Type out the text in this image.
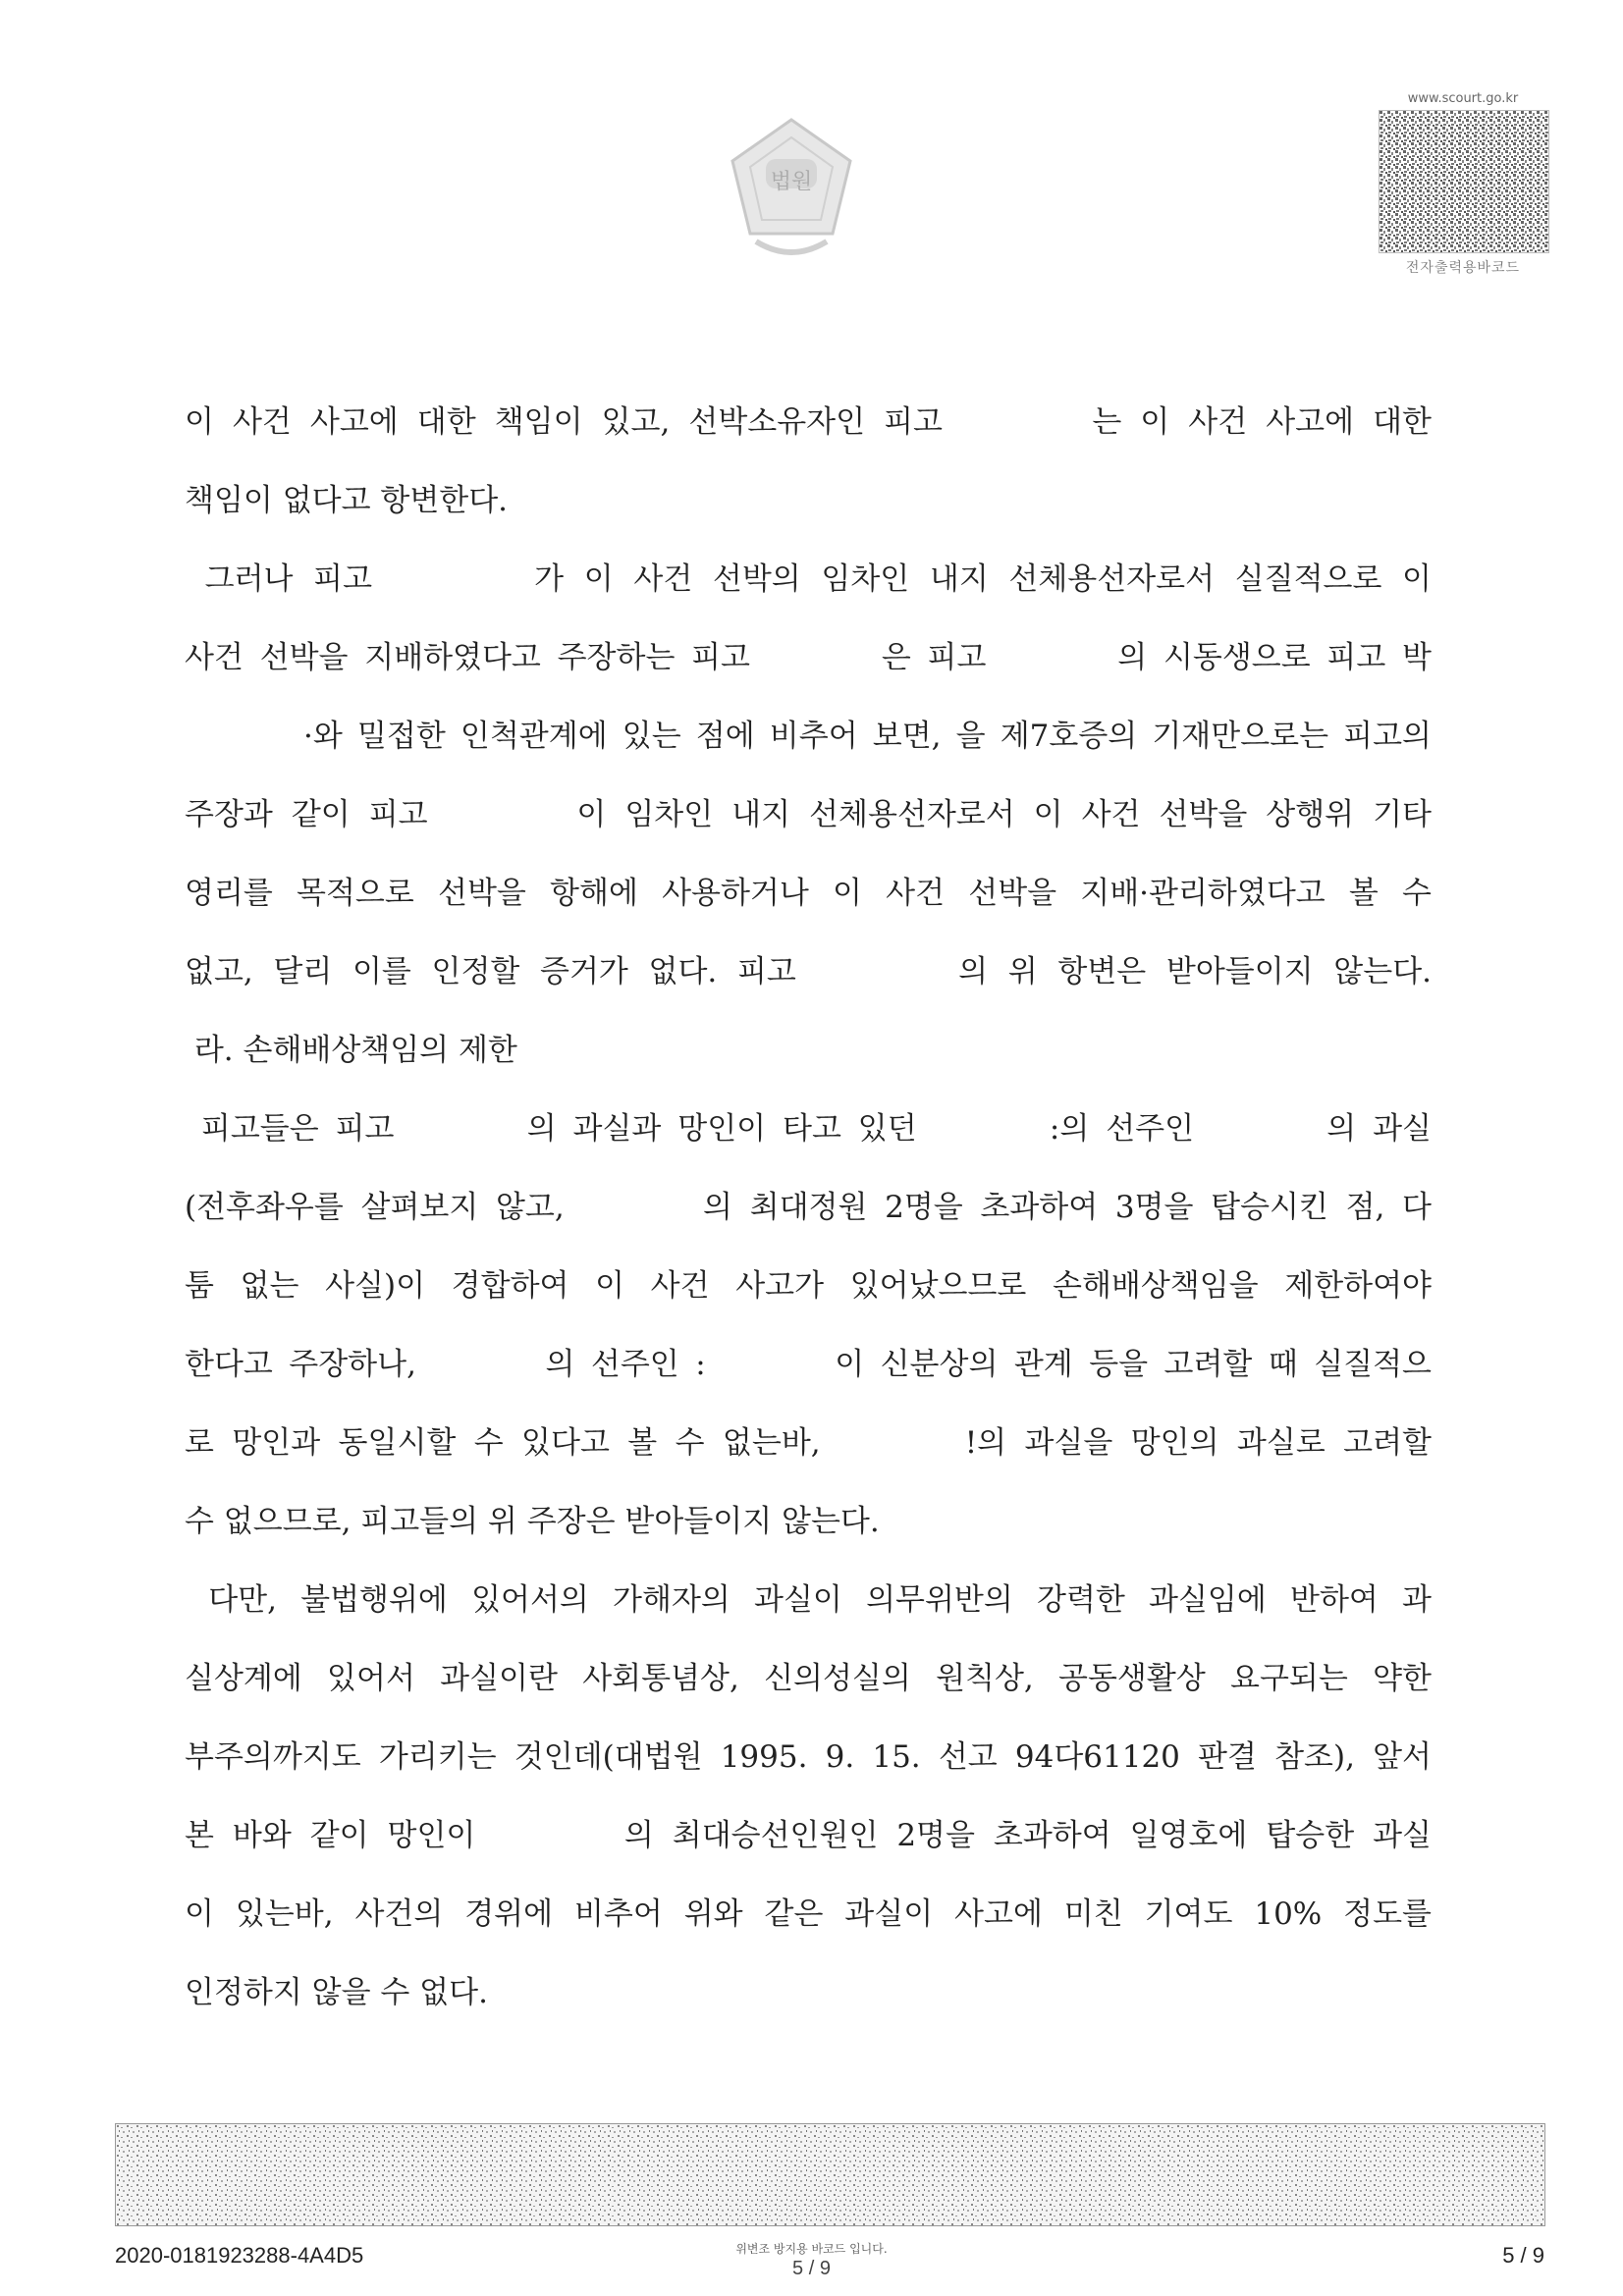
법원
www.scourt.go.kr
전자출력용바코드
이 사건 사고에 대한 책임이 있고, 선박소유자인 피고        는 이 사건 사고에 대한
책임이 없다고 항변한다.
그러나 피고        가 이 사건 선박의 임차인 내지 선체용선자로서 실질적으로 이
사건 선박을 지배하였다고 주장하는 피고        은 피고        의 시동생으로 피고 박
·와 밀접한 인척관계에 있는 점에 비추어 보면, 을 제7호증의 기재만으로는 피고의
주장과 같이 피고        이 임차인 내지 선체용선자로서 이 사건 선박을 상행위 기타
영리를 목적으로 선박을 항해에 사용하거나 이 사건 선박을 지배·관리하였다고 볼 수
없고, 달리 이를 인정할 증거가 없다. 피고        의 위 항변은 받아들이지 않는다.
라. 손해배상책임의 제한
피고들은 피고        의 과실과 망인이 타고 있던        :의 선주인        의 과실
(전후좌우를 살펴보지 않고,        의 최대정원 2명을 초과하여 3명을 탑승시킨 점, 다
툼 없는 사실)이 경합하여 이 사건 사고가 있어났으므로 손해배상책임을 제한하여야
한다고 주장하나,        의 선주인 :        이 신분상의 관계 등을 고려할 때 실질적으
로 망인과 동일시할 수 있다고 볼 수 없는바,        !의 과실을 망인의 과실로 고려할
수 없으므로, 피고들의 위 주장은 받아들이지 않는다.
다만, 불법행위에 있어서의 가해자의 과실이 의무위반의 강력한 과실임에 반하여 과
실상계에 있어서 과실이란 사회통념상, 신의성실의 원칙상, 공동생활상 요구되는 약한
부주의까지도 가리키는 것인데(대법원 1995. 9. 15. 선고 94다61120 판결 참조), 앞서
본 바와 같이 망인이        의 최대승선인원인 2명을 초과하여 일영호에 탑승한 과실
이 있는바, 사건의 경위에 비추어 위와 같은 과실이 사고에 미친 기여도 10% 정도를
인정하지 않을 수 없다.
2020-0181923288-4A4D5	위변조 방지용 바코드 입니다.
5 / 9
5 / 9
